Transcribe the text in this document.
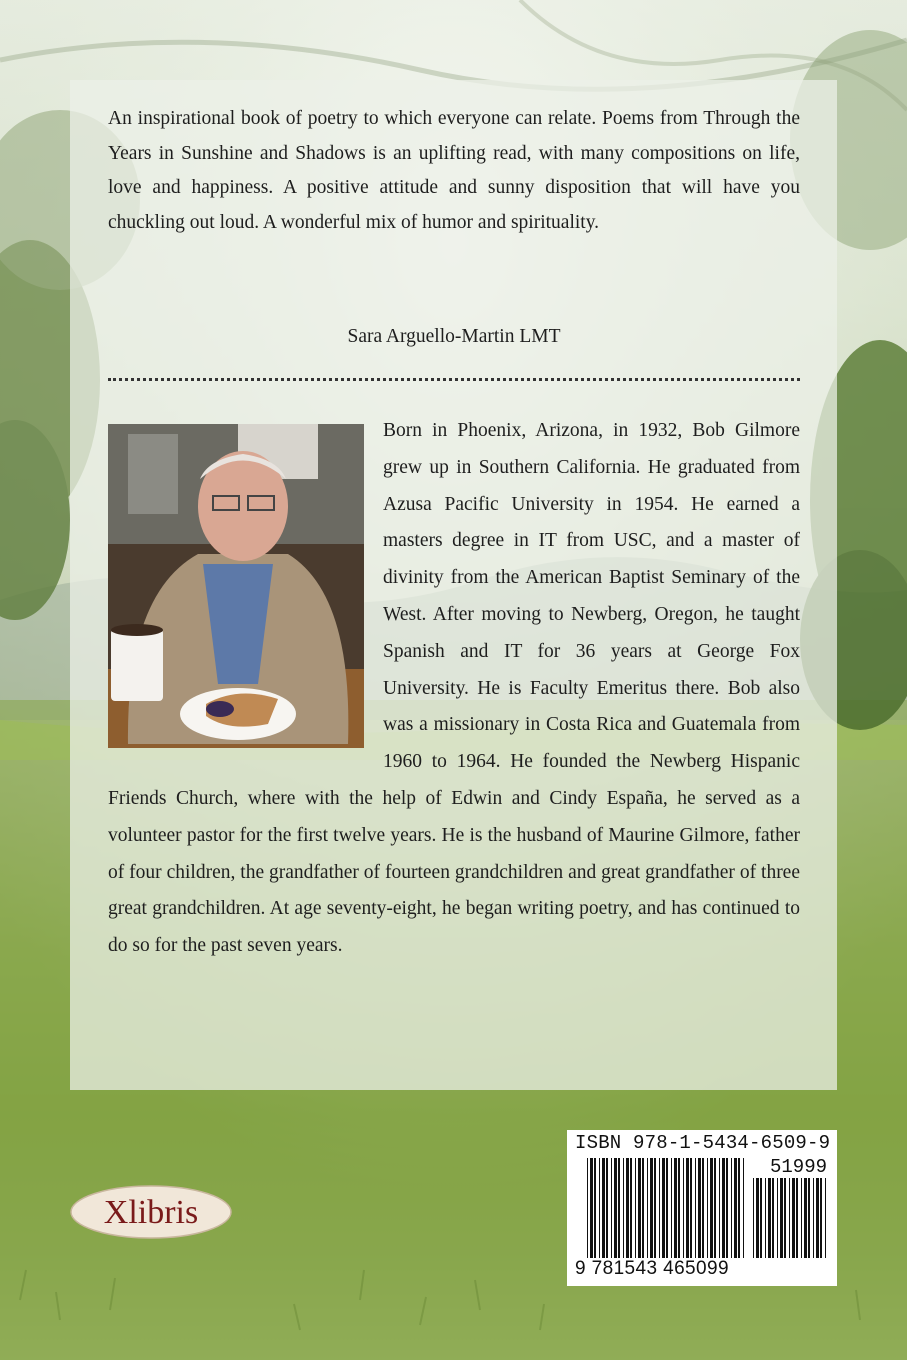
An inspirational book of poetry to which everyone can relate. Poems from Through the Years in Sunshine and Shadows is an uplifting read, with many compositions on life, love and happiness. A positive attitude and sunny disposition that will have you chuckling out loud. A wonderful mix of humor and spirituality.

Sara Arguello-Martin LMT
Born in Phoenix, Arizona, in 1932, Bob Gilmore grew up in Southern California. He graduated from Azusa Pacific University in 1954. He earned a masters degree in IT from USC, and a master of divinity from the American Baptist Seminary of the West. After moving to Newberg, Oregon, he taught Spanish and IT for 36 years at George Fox University. He is Faculty Emeritus there. Bob also was a missionary in Costa Rica and Guatemala from 1960 to 1964. He founded the Newberg Hispanic Friends Church, where with the help of Edwin and Cindy España, he served as a volunteer pastor for the first twelve years. He is the husband of Maurine Gilmore, father of four children, the grandfather of fourteen grandchildren and great grandfather of three great grandchildren. At age seventy-eight, he began writing poetry, and has continued to do so for the past seven years.
Xlibris
ISBN 978-1-5434-6509-9
51999
9 781543 465099
